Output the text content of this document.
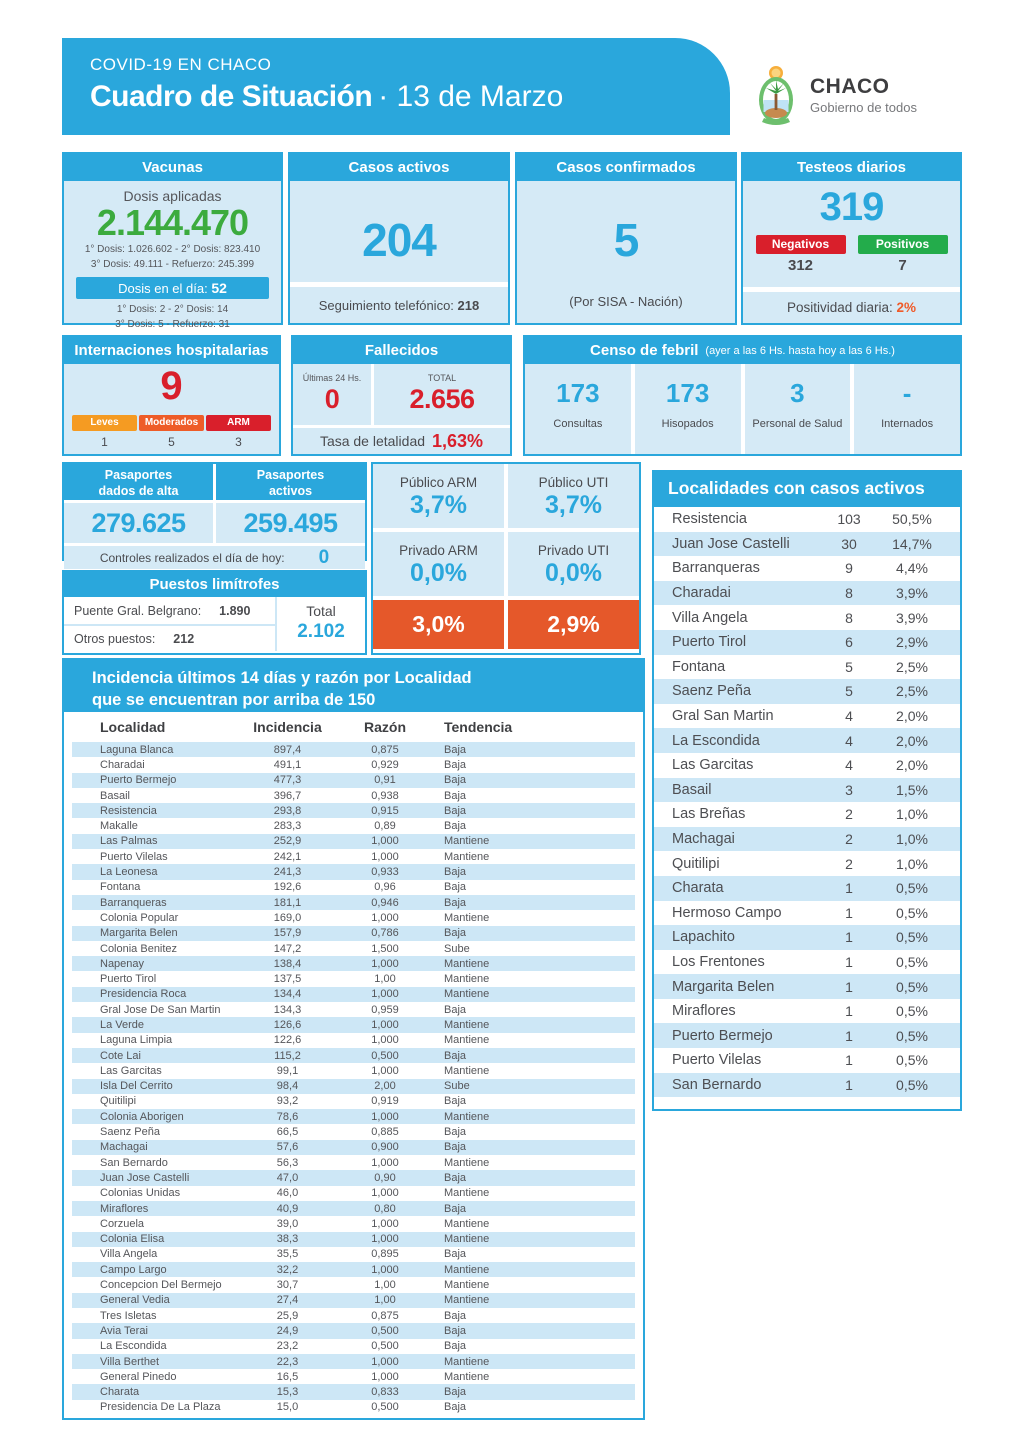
COVID-19 EN CHACO
Cuadro de Situación · 13 de Marzo	CHACO
Gobierno de todos
Vacunas
Dosis aplicadas
2.144.470
1° Dosis: 1.026.602 - 2° Dosis: 823.410
3° Dosis: 49.111 - Refuerzo: 245.399
Dosis en el día: 52
1° Dosis: 2 - 2° Dosis: 14
3° Dosis: 5 - Refuerzo: 31
Casos activos
204
Seguimiento telefónico: 218
Casos confirmados
5
(Por SISA - Nación)
Testeos diarios
319
Negativos	Positivos
312	7
Positividad diaria: 2%
Internaciones hospitalarias
9
Leves	Moderados	ARM
1	5	3
Fallecidos
Últimas 24 Hs.
0
TOTAL
2.656
Tasa de letalidad 1,63%
Censo de febril (ayer a las 6 Hs. hasta hoy a las 6 Hs.)
173
Consultas
173
Hisopados
3
Personal de Salud
-
Internados
Pasaportes
dados de alta
Pasaportes
activos
279.625	259.495
Controles realizados el día de hoy: 0
Puestos limítrofes
Puente Gral. Belgrano: 1.890
Otros puestos: 212
Total
2.102
Público ARM
3,7%
Público UTI
3,7%
Privado ARM
0,0%
Privado UTI
0,0%
3,0%	2,9%
Localidades con casos activos
Resistencia	103	50,5%
Juan Jose Castelli	30	14,7%
Barranqueras	9	4,4%
Charadai	8	3,9%
Villa Angela	8	3,9%
Puerto Tirol	6	2,9%
Fontana	5	2,5%
Saenz Peña	5	2,5%
Gral San Martin	4	2,0%
La Escondida	4	2,0%
Las Garcitas	4	2,0%
Basail	3	1,5%
Las Breñas	2	1,0%
Machagai	2	1,0%
Quitilipi	2	1,0%
Charata	1	0,5%
Hermoso Campo	1	0,5%
Lapachito	1	0,5%
Los Frentones	1	0,5%
Margarita Belen	1	0,5%
Miraflores	1	0,5%
Puerto Bermejo	1	0,5%
Puerto Vilelas	1	0,5%
San Bernardo	1	0,5%
Incidencia últimos 14 días y razón por Localidad
que se encuentran por arriba de 150
Localidad	Incidencia	Razón	Tendencia
Laguna Blanca	897,4	0,875	Baja
Charadai	491,1	0,929	Baja
Puerto Bermejo	477,3	0,91	Baja
Basail	396,7	0,938	Baja
Resistencia	293,8	0,915	Baja
Makalle	283,3	0,89	Baja
Las Palmas	252,9	1,000	Mantiene
Puerto Vilelas	242,1	1,000	Mantiene
La Leonesa	241,3	0,933	Baja
Fontana	192,6	0,96	Baja
Barranqueras	181,1	0,946	Baja
Colonia Popular	169,0	1,000	Mantiene
Margarita Belen	157,9	0,786	Baja
Colonia Benitez	147,2	1,500	Sube
Napenay	138,4	1,000	Mantiene
Puerto Tirol	137,5	1,00	Mantiene
Presidencia Roca	134,4	1,000	Mantiene
Gral Jose De San Martin	134,3	0,959	Baja
La Verde	126,6	1,000	Mantiene
Laguna Limpia	122,6	1,000	Mantiene
Cote Lai	115,2	0,500	Baja
Las Garcitas	99,1	1,000	Mantiene
Isla Del Cerrito	98,4	2,00	Sube
Quitilipi	93,2	0,919	Baja
Colonia Aborigen	78,6	1,000	Mantiene
Saenz Peña	66,5	0,885	Baja
Machagai	57,6	0,900	Baja
San Bernardo	56,3	1,000	Mantiene
Juan Jose Castelli	47,0	0,90	Baja
Colonias Unidas	46,0	1,000	Mantiene
Miraflores	40,9	0,80	Baja
Corzuela	39,0	1,000	Mantiene
Colonia Elisa	38,3	1,000	Mantiene
Villa Angela	35,5	0,895	Baja
Campo Largo	32,2	1,000	Mantiene
Concepcion Del Bermejo	30,7	1,00	Mantiene
General Vedia	27,4	1,00	Mantiene
Tres Isletas	25,9	0,875	Baja
Avia Terai	24,9	0,500	Baja
La Escondida	23,2	0,500	Baja
Villa Berthet	22,3	1,000	Mantiene
General Pinedo	16,5	1,000	Mantiene
Charata	15,3	0,833	Baja
Presidencia De La Plaza	15,0	0,500	Baja
